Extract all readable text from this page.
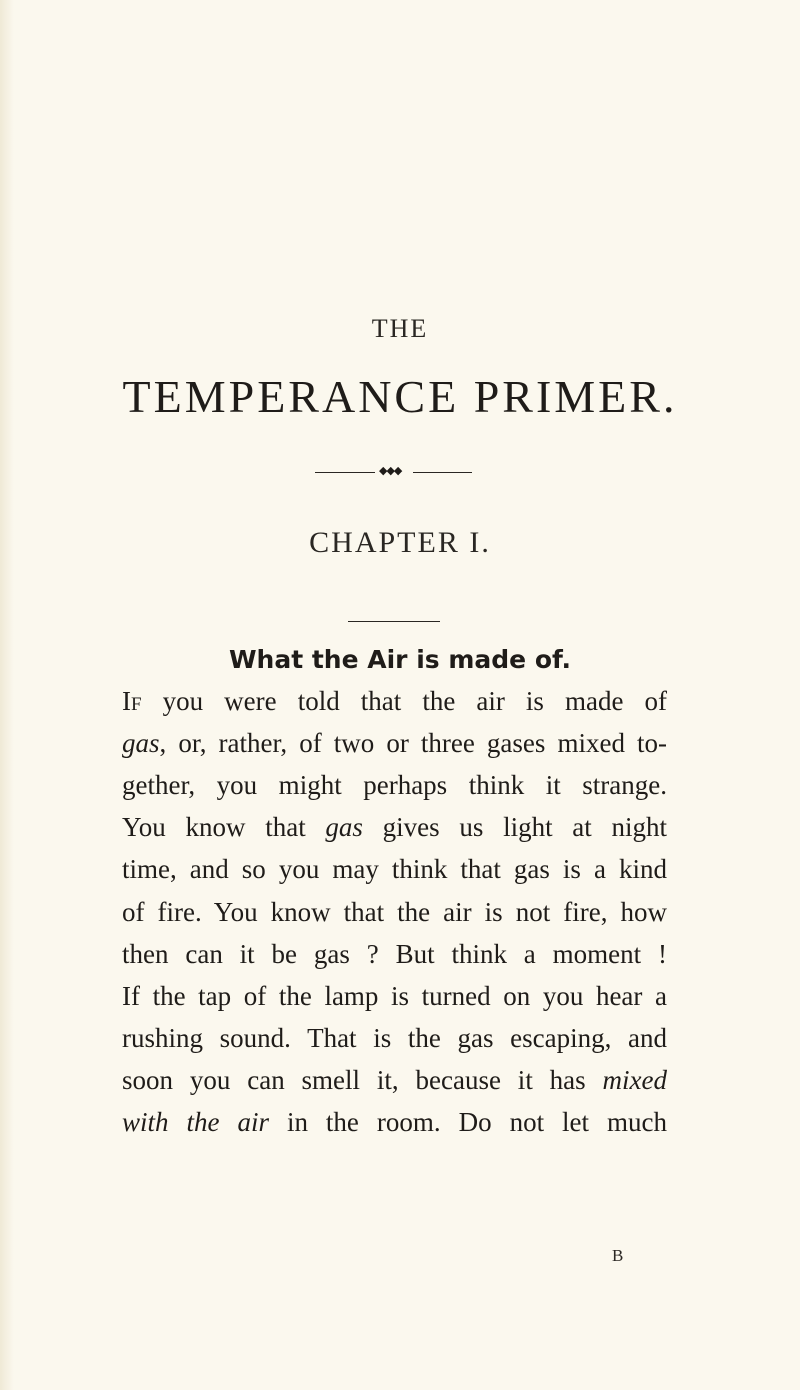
THE
TEMPERANCE PRIMER.
◆◆◆
CHAPTER I.
What the Air is made of.
If you were told that the air is made of
gas, or, rather, of two or three gases mixed to-
gether, you might perhaps think it strange.
You know that gas gives us light at night
time, and so you may think that gas is a kind
of fire. You know that the air is not fire, how
then can it be gas ? But think a moment !
If the tap of the lamp is turned on you hear a
rushing sound. That is the gas escaping, and
soon you can smell it, because it has mixed
with the air in the room. Do not let much
B
